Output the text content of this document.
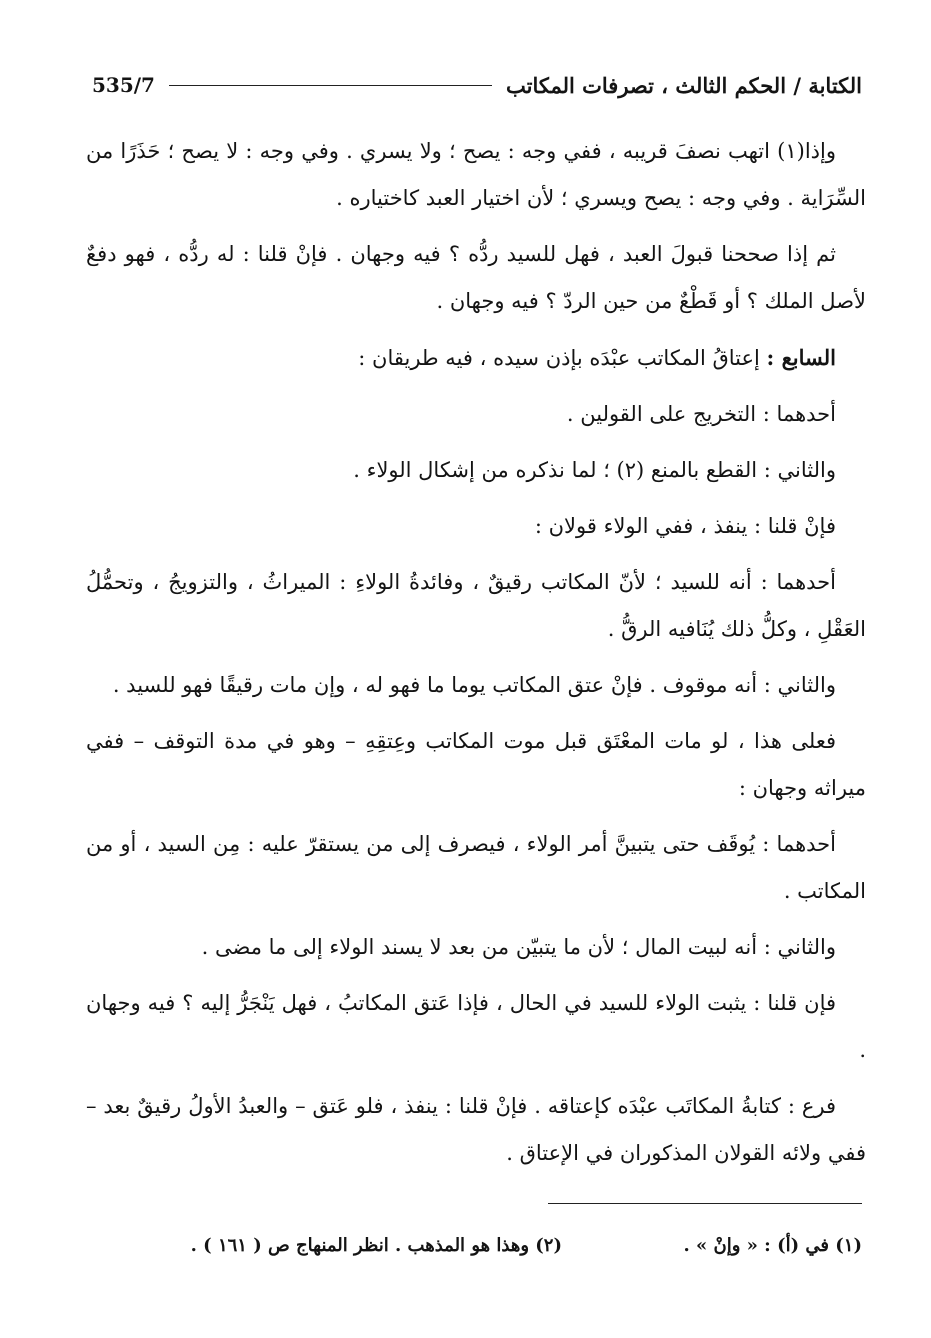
الكتابة / الحكم الثالث ، تصرفات المكاتب
535/7

وإذا(١) اتهب نصفَ قريبه ، ففي وجه : يصح ؛ ولا يسري . وفي وجه : لا يصح ؛ حَذَرًا من السِّرَاية . وفي وجه : يصح ويسري ؛ لأن اختيار العبد كاختياره .

ثم إذا صححنا قبولَ العبد ، فهل للسيد ردُّه ؟ فيه وجهان . فإنْ قلنا : له ردُّه ، فهو دفعٌ لأصل الملك ؟ أو قَطْعٌ من حين الردّ ؟ فيه وجهان .

السابع : إعتاقُ المكاتب عبْدَه بإذن سيده ، فيه طريقان :

أحدهما : التخريج على القولين .

والثاني : القطع بالمنع (٢) ؛ لما نذكره من إشكال الولاء .

فإنْ قلنا : ينفذ ، ففي الولاء قولان :

أحدهما : أنه للسيد ؛ لأنّ المكاتب رقيقٌ ، وفائدةُ الولاءِ : الميراثُ ، والتزويجُ ، وتحمُّلُ العَقْلِ ، وكلُّ ذلك يُنَافيه الرقُّ .

والثاني : أنه موقوف . فإنْ عتق المكاتب يوما ما فهو له ، وإن مات رقيقًا فهو للسيد .

فعلى هذا ، لو مات المعْتَق قبل موت المكاتب وعِتقِهِ – وهو في مدة التوقف – ففي ميراثه وجهان :

أحدهما : يُوقَف حتى يتبينَّ أمر الولاء ، فيصرف إلى من يستقرّ عليه : مِن السيد ، أو من المكاتب .

والثاني : أنه لبيت المال ؛ لأن ما يتبيّن من بعد لا يسند الولاء إلى ما مضى .

فإن قلنا : يثبت الولاء للسيد في الحال ، فإذا عَتق المكاتبُ ، فهل يَنْجَرُّ إليه ؟ فيه وجهان .

فرع : كتابةُ المكاتَب عبْدَه كإعتاقه . فإنْ قلنا : ينفذ ، فلو عَتق – والعبدُ الأولُ رقيقٌ بعد – ففي ولائه القولان المذكوران في الإعتاق .

(١) في (أ) : « وإنْ » .
(٢) وهذا هو المذهب . انظر المنهاج ص ( ١٦١ ) .
